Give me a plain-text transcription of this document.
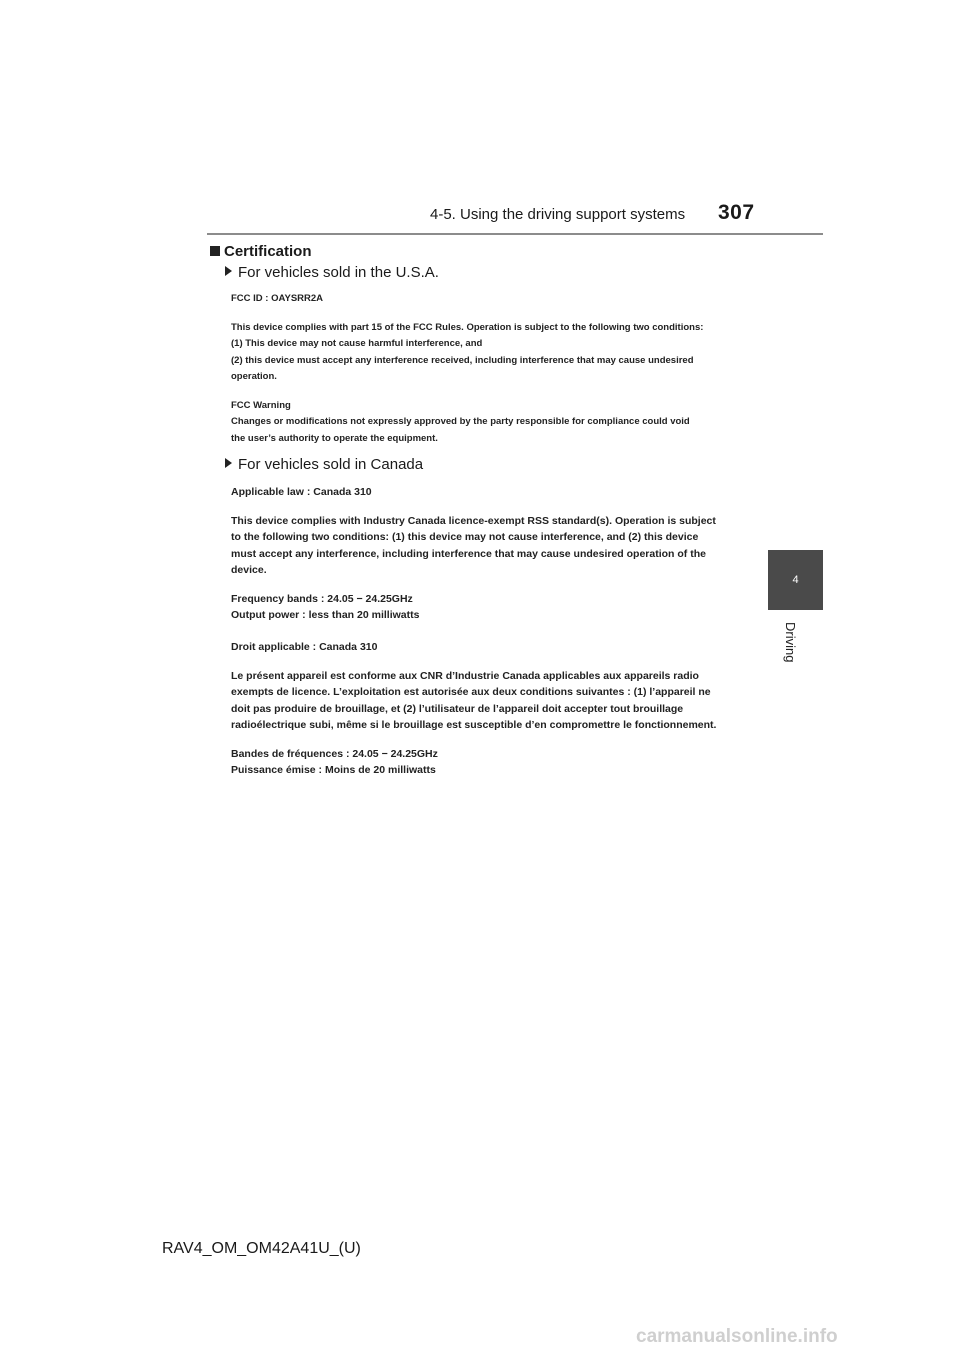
4-5. Using the driving support systems 307
4
Driving
Certification
For vehicles sold in the U.S.A.
FCC ID : OAYSRR2A
This device complies with part 15 of the FCC Rules. Operation is subject to the following two conditions:
(1) This device may not cause harmful interference, and
(2) this device must accept any interference received, including interference that may cause undesired
operation.
FCC Warning
Changes or modifications not expressly approved by the party responsible for compliance could void
the user’s authority to operate the equipment.
For vehicles sold in Canada
Applicable law : Canada 310
This device complies with Industry Canada licence-exempt RSS standard(s). Operation is subject
to the following two conditions: (1) this device may not cause interference, and (2) this device
must accept any interference, including interference that may cause undesired operation of the
device.
Frequency bands : 24.05 − 24.25GHz
Output power : less than 20 milliwatts
Droit applicable : Canada 310
Le présent appareil est conforme aux CNR d’Industrie Canada applicables aux appareils radio
exempts de licence. L’exploitation est autorisée aux deux conditions suivantes : (1) l’appareil ne
doit pas produire de brouillage, et (2) l’utilisateur de l’appareil doit accepter tout brouillage
radioélectrique subi, même si le brouillage est susceptible d’en compromettre le fonctionnement.
Bandes de fréquences : 24.05 − 24.25GHz
Puissance émise : Moins de 20 milliwatts
RAV4_OM_OM42A41U_(U)
carmanualsonline.info
